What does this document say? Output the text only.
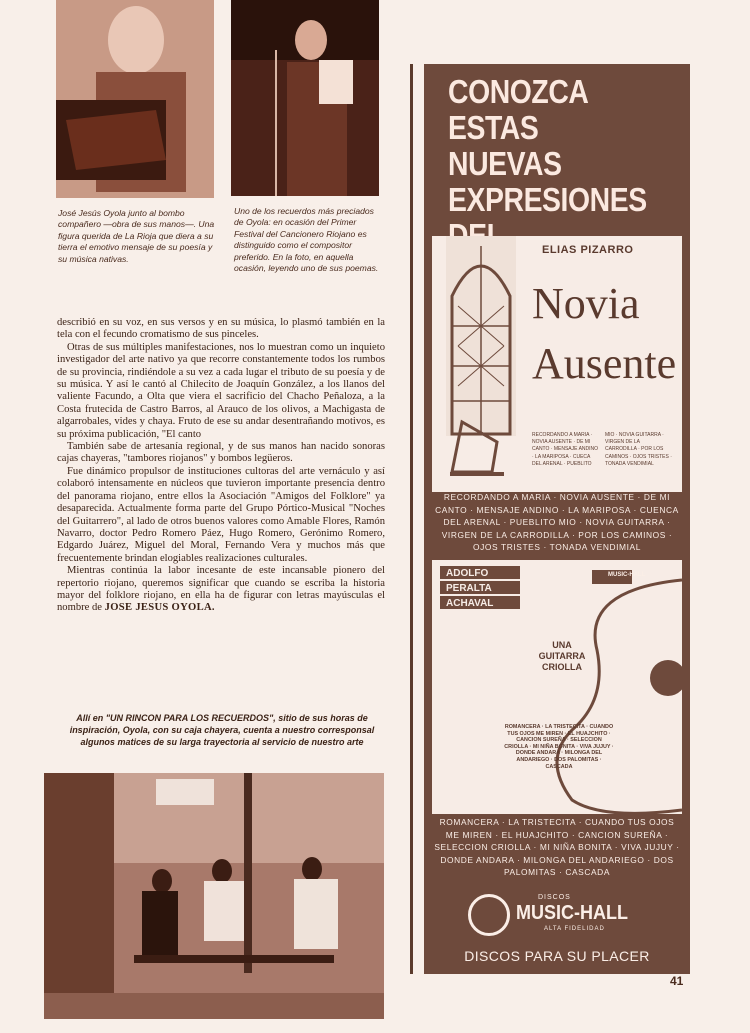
José Jesús Oyola junto al bombo compañero —obra de sus manos—. Una figura querida de La Rioja que diera a su tierra el emotivo mensaje de su poesía y su música nativas.
Uno de los recuerdos más preciados de Oyola: en ocasión del Primer Festival del Cancionero Riojano es distinguido como el compositor preferido. En la foto, en aquella ocasión, leyendo uno de sus poemas.

describió en su voz, en sus versos y en su música, lo plasmó también en la tela con el fecundo cromatismo de sus pinceles.

Otras de sus múltiples manifestaciones, nos lo muestran como un inquieto investigador del arte nativo ya que recorre constantemente todos los rumbos de su provincia, rindiéndole a su vez a cada lugar el tributo de su poesía y de su música. Y así le cantó al Chilecito de Joaquín González, a los llanos del valiente Facundo, a Olta que viera el sacrificio del Chacho Peñaloza, a la Costa frutecida de Castro Barros, al Arauco de los olivos, a Machigasta de algarrobales, vides y chaya. Fruto de ese su andar desentrañando motivos, es su próxima publicación, "El canto

También sabe de artesanía regional, y de sus manos han nacido sonoras cajas chayeras, "tambores riojanos" y bombos legüeros.

Fue dinámico propulsor de instituciones cultoras del arte vernáculo y así colaboró intensamente en núcleos que tuvieron importante presencia dentro del panorama riojano, entre ellos la Asociación "Amigos del Folklore" ya desaparecida. Actualmente forma parte del Grupo Pórtico-Musical "Noches del Guitarrero", al lado de otros buenos valores como Amable Flores, Ramón Navarro, doctor Pedro Romero Páez, Hugo Romero, Gerónimo Romero, Edgardo Juárez, Miguel del Moral, Fernando Vera y muchos más que frecuentemente brindan elogiables realizaciones culturales.

Mientras continúa la labor incesante de este incansable pionero del repertorio riojano, queremos significar que cuando se escriba la historia mayor del folklore riojano, en ella ha de figurar con letras mayúsculas el nombre de JOSE JESUS OYOLA.

Allí en "UN RINCON PARA LOS RECUERDOS", sitio de sus horas de inspiración, Oyola, con su caja chayera, cuenta a nuestro corresponsal algunos matices de su larga trayectoria al servicio de nuestro arte
CONOZCA
ESTAS NUEVAS
EXPRESIONES
ELIAS PIZARRO
Novia
Ausente
RECORDANDO A MARIA · NOVIA AUSENTE · DE MI CANTO · MENSAJE ANDINO · LA MARIPOSA · CUECA DEL ARENAL · PUEBLITO MIO · NOVIA GUITARRA · VIRGEN DE LA CARRODILLA · POR LOS CAMINOS · OJOS TRISTES · TONADA VENDIMIAL
RECORDANDO A MARIA · NOVIA AUSENTE · DE MI CANTO · MENSAJE ANDINO · LA MARIPOSA · CUENCA DEL ARENAL · PUEBLITO MIO · NOVIA GUITARRA · VIRGEN DE LA CARRODILLA · POR LOS CAMINOS · OJOS TRISTES · TONADA VENDIMIAL
ADOLFO
PERALTA
ACHAVAL
MUSIC-HALL
UNA GUITARRA CRIOLLA
ROMANCERA · LA TRISTECITA · CUANDO TUS OJOS ME MIREN · EL HUAJCHITO · CANCION SUREÑA · SELECCION CRIOLLA · MI NIÑA BONITA · VIVA JUJUY · DONDE ANDARA · MILONGA DEL ANDARIEGO · DOS PALOMITAS · CASCADA
ROMANCERA · LA TRISTECITA · CUANDO TUS OJOS ME MIREN · EL HUAJCHITO · CANCION SUREÑA · SELECCION CRIOLLA · MI NIÑA BONITA · VIVA JUJUY · DONDE ANDARA · MILONGA DEL ANDARIEGO · DOS PALOMITAS · CASCADA
DISCOS
MUSIC-HALL
ALTA FIDELIDAD
DISCOS PARA SU PLACER
41
